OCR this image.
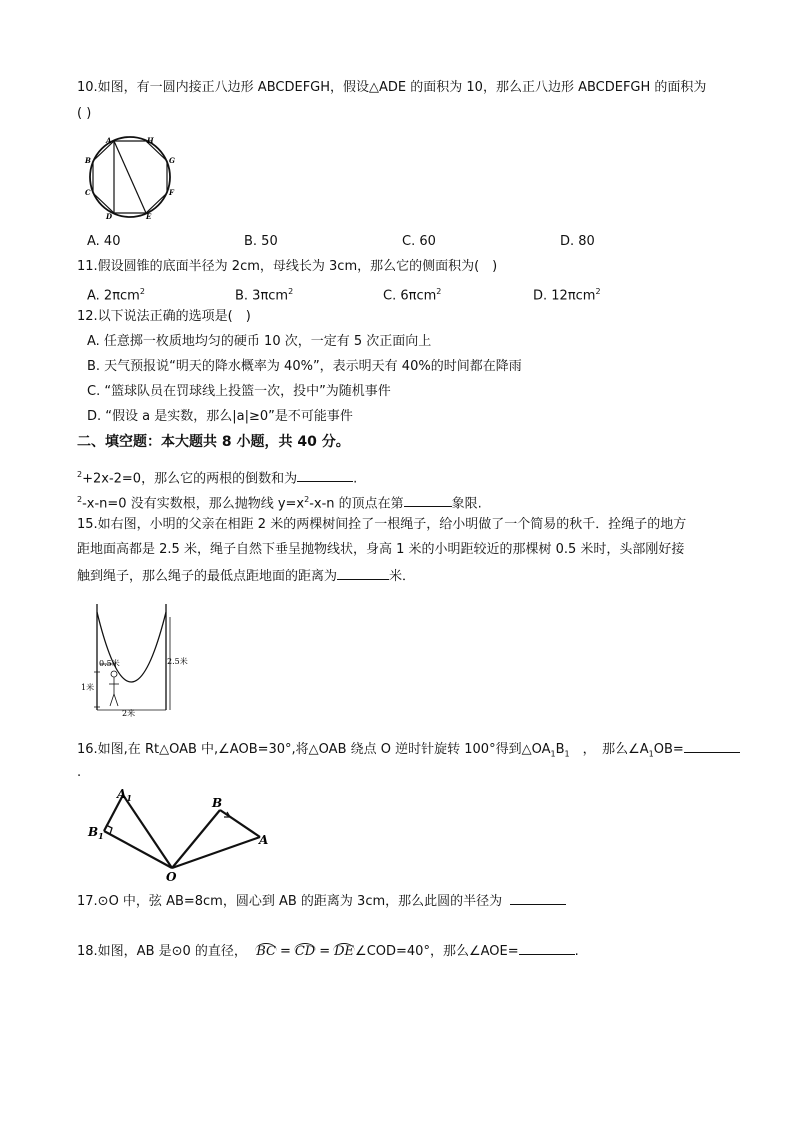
10.如图，有一圆内接正八边形 ABCDEFGH，假设△ADE 的面积为 10，那么正八边形 ABCDEFGH 的面积为
( )
A	H
B	G
C	F
D	E
A. 40	B. 50	C. 60	D. 80
11.假设圆锥的底面半径为 2cm，母线长为 3cm，那么它的侧面积为(　)
A. 2πcm$^2$	B. 3πcm$^2$	C. 6πcm$^2$	D. 12πcm$^2$
12.以下说法正确的选项是(　)
A. 任意掷一枚质地均匀的硬币 10 次，一定有 5 次正面向上
B. 天气预报说“明天的降水概率为 40%”，表示明天有 40%的时间都在降雨
C. “篮球队员在罚球线上投篮一次，投中”为随机事件
D. “假设 a 是实数，那么|a|≥0”是不可能事件
二、填空题：本大题共 8 小题，共 40 分。
$^2$+2x-2=0，那么它的两根的倒数和为	.
$^2$-x-n=0 没有实数根，那么抛物线 $y=x^2-x-n$ 的顶点在第	象限.
15.如右图，小明的父亲在相距 2 米的两棵树间拴了一根绳子，给小明做了一个简易的秋千．拴绳子的地方
距地面高都是 2.5 米，绳子自然下垂呈抛物线状，身高 1 米的小明距较近的那棵树 0.5 米时，头部刚好接
触到绳子，那么绳子的最低点距地面的距离为	米．
0.5米
1米
2米
2.5米
16.如图,在 Rt△OAB 中,∠AOB=30°,将△OAB 绕点 O 逆时针旋转 100°得到$\triangle OA_1B_1$　，　那么$\angle A_1OB=$
.
$A_1$
$B_1$
B
A
O
17.⊙O 中，弦 AB=8cm，圆心到 AB 的距离为 3cm，那么此圆的半径为
18.如图，AB 是⊙0 的直径， BC = CD = DE∠COD=40°，那么∠AOE=	.
